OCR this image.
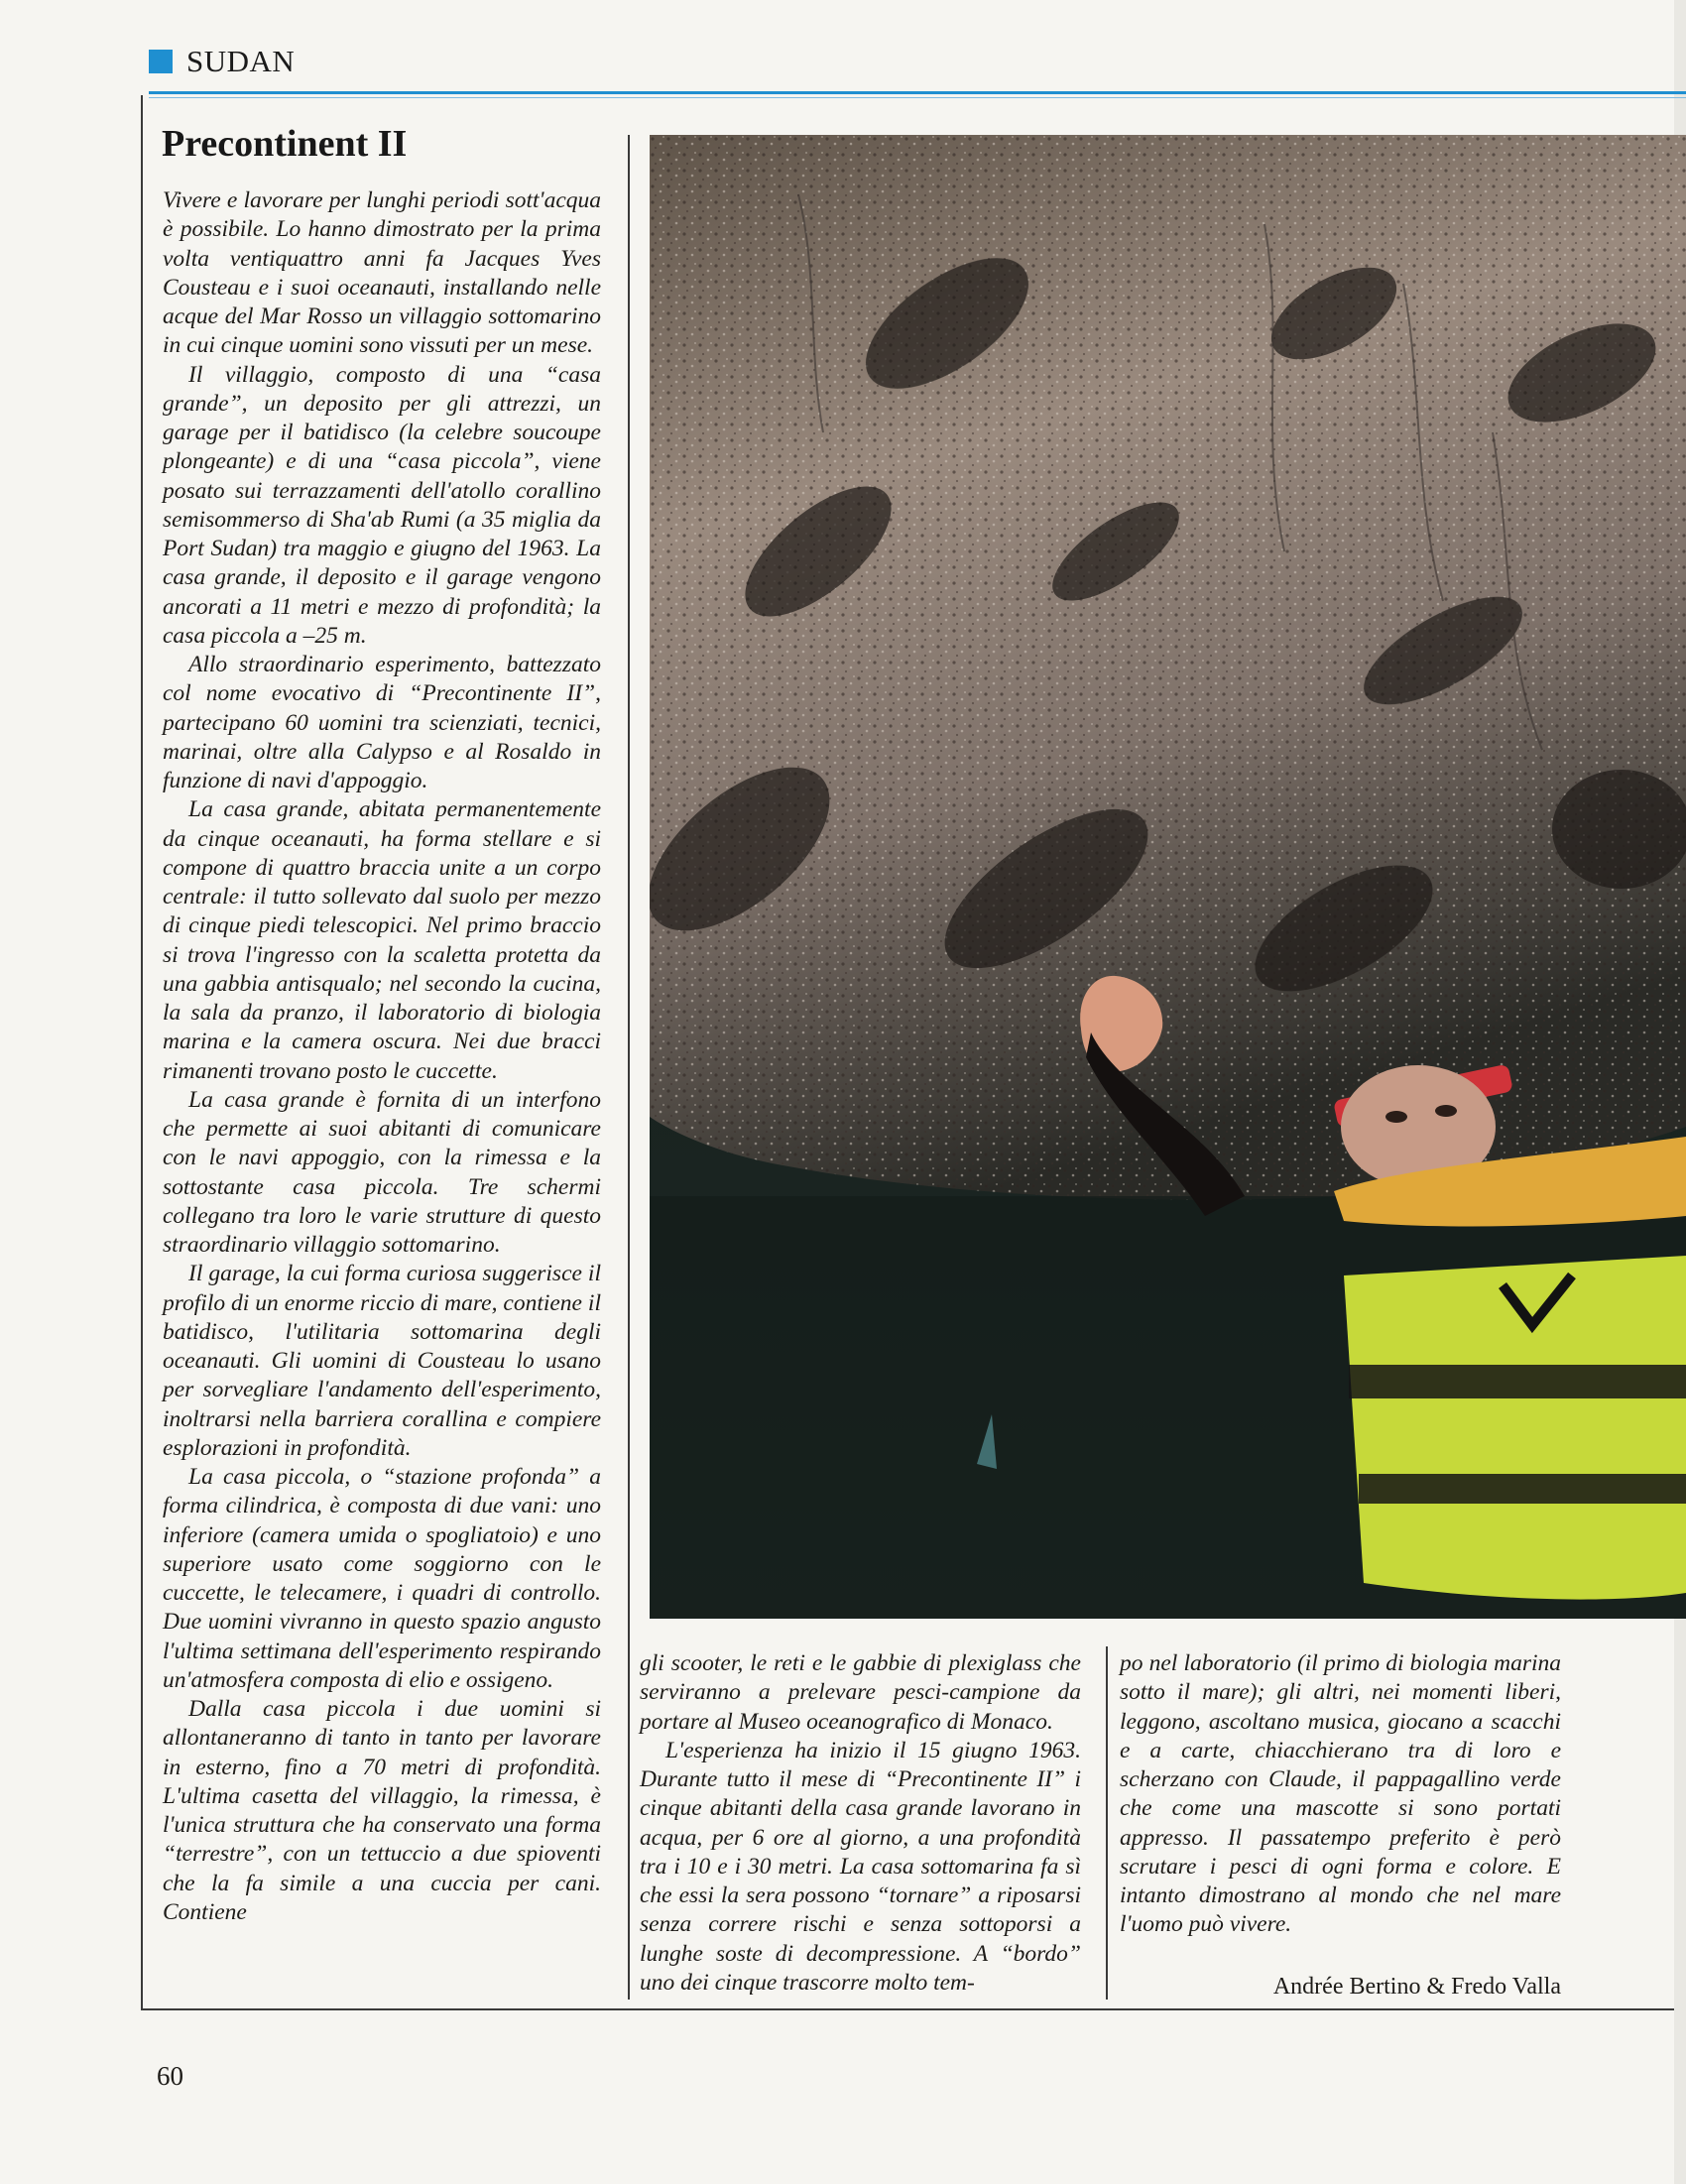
SUDAN
Precontinent II

Vivere e lavorare per lunghi periodi sott'acqua è possibile. Lo hanno dimostrato per la prima volta ventiquattro anni fa Jacques Yves Cousteau e i suoi oceanauti, installando nelle acque del Mar Rosso un villaggio sottomarino in cui cinque uomini sono vissuti per un mese.

Il villaggio, composto di una “casa grande”, un deposito per gli attrezzi, un garage per il batidisco (la celebre soucoupe plongeante) e di una “casa piccola”, viene posato sui terrazzamenti dell'atollo corallino semisommerso di Sha'ab Rumi (a 35 miglia da Port Sudan) tra maggio e giugno del 1963. La casa grande, il deposito e il garage vengono ancorati a 11 metri e mezzo di profondità; la casa piccola a –25 m.

Allo straordinario esperimento, battezzato col nome evocativo di “Precontinente II”, partecipano 60 uomini tra scienziati, tecnici, marinai, oltre alla Calypso e al Rosaldo in funzione di navi d'appoggio.

La casa grande, abitata permanentemente da cinque oceanauti, ha forma stellare e si compone di quattro braccia unite a un corpo centrale: il tutto sollevato dal suolo per mezzo di cinque piedi telescopici. Nel primo braccio si trova l'ingresso con la scaletta protetta da una gabbia antisqualo; nel secondo la cucina, la sala da pranzo, il laboratorio di biologia marina e la camera oscura. Nei due bracci rimanenti trovano posto le cuccette.

La casa grande è fornita di un interfono che permette ai suoi abitanti di comunicare con le navi appoggio, con la rimessa e la sottostante casa piccola. Tre schermi collegano tra loro le varie strutture di questo straordinario villaggio sottomarino.

Il garage, la cui forma curiosa suggerisce il profilo di un enorme riccio di mare, contiene il batidisco, l'utilitaria sottomarina degli oceanauti. Gli uomini di Cousteau lo usano per sorvegliare l'andamento dell'esperimento, inoltrarsi nella barriera corallina e compiere esplorazioni in profondità.

La casa piccola, o “stazione profonda” a forma cilindrica, è composta di due vani: uno inferiore (camera umida o spogliatoio) e uno superiore usato come soggiorno con le cuccette, le telecamere, i quadri di controllo. Due uomini vivranno in questo spazio angusto l'ultima settimana dell'esperimento respirando un'atmosfera composta di elio e ossigeno.

Dalla casa piccola i due uomini si allontaneranno di tanto in tanto per lavorare in esterno, fino a 70 metri di profondità. L'ultima casetta del villaggio, la rimessa, è l'unica struttura che ha conservato una forma “terrestre”, con un tettuccio a due spioventi che la fa simile a una cuccia per cani. Contiene

gli scooter, le reti e le gabbie di plexiglass che serviranno a prelevare pesci-campione da portare al Museo oceanografico di Monaco.

L'esperienza ha inizio il 15 giugno 1963. Durante tutto il mese di “Precontinente II” i cinque abitanti della casa grande lavorano in acqua, per 6 ore al giorno, a una profondità tra i 10 e i 30 metri. La casa sottomarina fa sì che essi la sera possono “tornare” a riposarsi senza correre rischi e senza sottoporsi a lunghe soste di decompressione. A “bordo” uno dei cinque trascorre molto tem-

po nel laboratorio (il primo di biologia marina sotto il mare); gli altri, nei momenti liberi, leggono, ascoltano musica, giocano a scacchi e a carte, chiacchierano tra di loro e scherzano con Claude, il pappagallino verde che come una mascotte si sono portati appresso. Il passatempo preferito è però scrutare i pesci di ogni forma e colore. E intanto dimostrano al mondo che nel mare l'uomo può vivere.

Andrée Bertino & Fredo Valla
60
